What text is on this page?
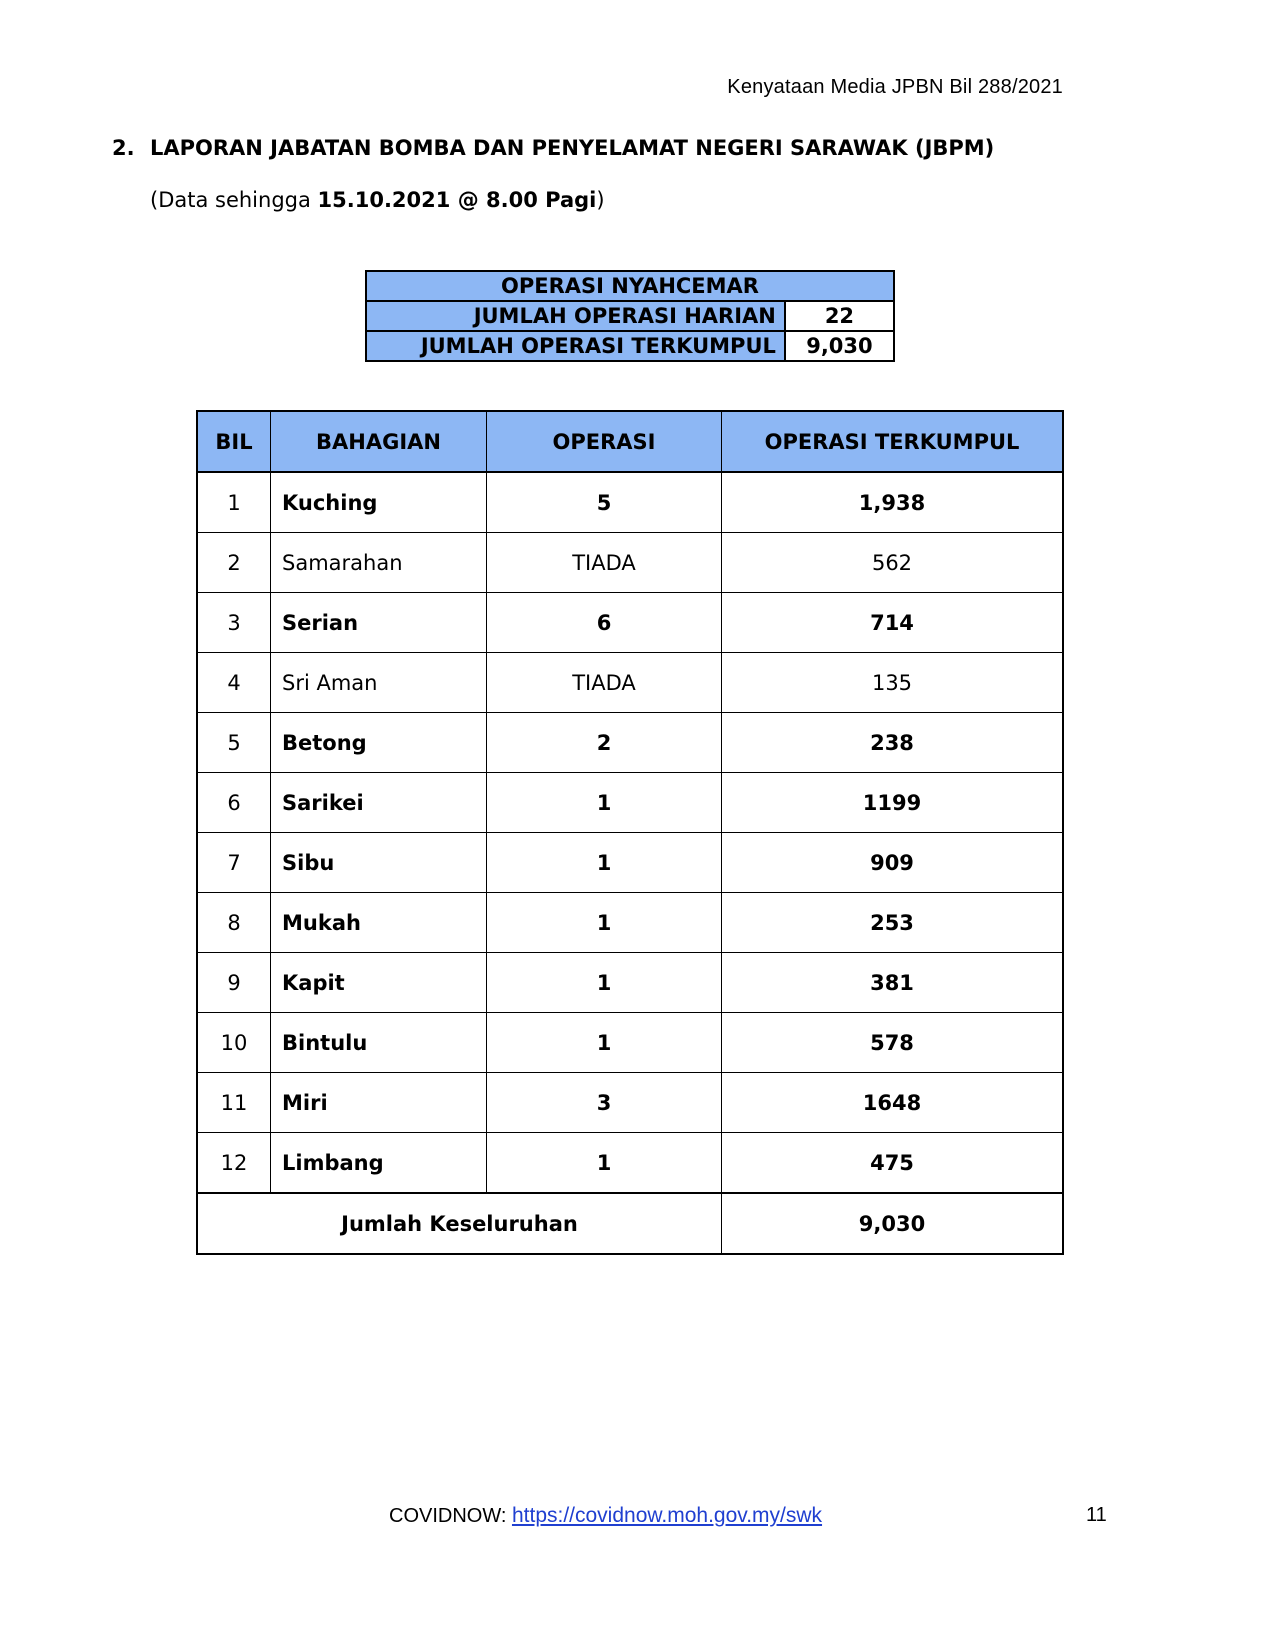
Kenyataan Media JPBN Bil 288/2021
2. LAPORAN JABATAN BOMBA DAN PENYELAMAT NEGERI SARAWAK (JBPM)
(Data sehingga 15.10.2021 @ 8.00 Pagi)
OPERASI NYAHCEMAR	
JUMLAH OPERASI HARIAN	22
JUMLAH OPERASI TERKUMPUL	9,030
BIL	BAHAGIAN	OPERASI	OPERASI TERKUMPUL
1	Kuching	5	1,938
2	Samarahan	TIADA	562
3	Serian	6	714
4	Sri Aman	TIADA	135
5	Betong	2	238
6	Sarikei	1	1199
7	Sibu	1	909
8	Mukah	1	253
9	Kapit	1	381
10	Bintulu	1	578
11	Miri	3	1648
12	Limbang	1	475
Jumlah Keseluruhan			9,030
COVIDNOW: https://covidnow.moh.gov.my/swk	11
